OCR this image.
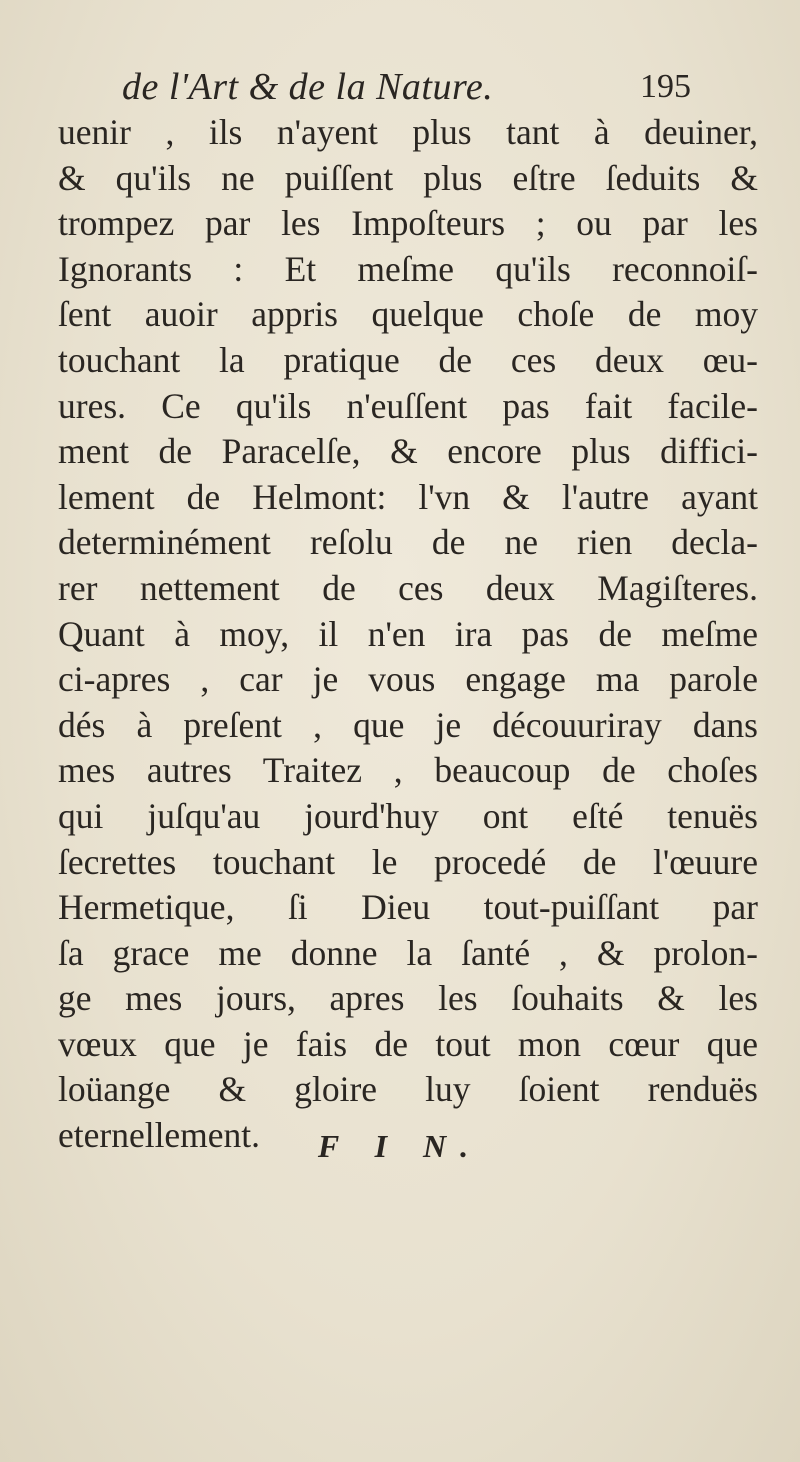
de l'Art & de la Nature.	195
uenir , ils n'ayent plus tant à deuiner,
& qu'ils ne puiſſent plus eſtre ſeduits &
trompez par les Impoſteurs ; ou par les
Ignorants : Et meſme qu'ils reconnoiſ-
ſent auoir appris quelque choſe de moy
touchant la pratique de ces deux œu-
ures. Ce qu'ils n'euſſent pas fait facile-
ment de Paracelſe, & encore plus diffici-
lement de Helmont: l'vn & l'autre ayant
determinément reſolu de ne rien decla-
rer nettement de ces deux Magiſteres.
Quant à moy, il n'en ira pas de meſme
ci-apres , car je vous engage ma parole
dés à preſent , que je découuriray dans
mes autres Traitez , beaucoup de choſes
qui juſqu'au jourd'huy ont eſté tenuës
ſecrettes touchant le procedé de l'œuure
Hermetique, ſi Dieu tout-puiſſant par
ſa grace me donne la ſanté , & prolon-
ge mes jours, apres les ſouhaits & les
vœux que je fais de tout mon cœur que
loüange & gloire luy ſoient renduës
eternellement.	F I N.
